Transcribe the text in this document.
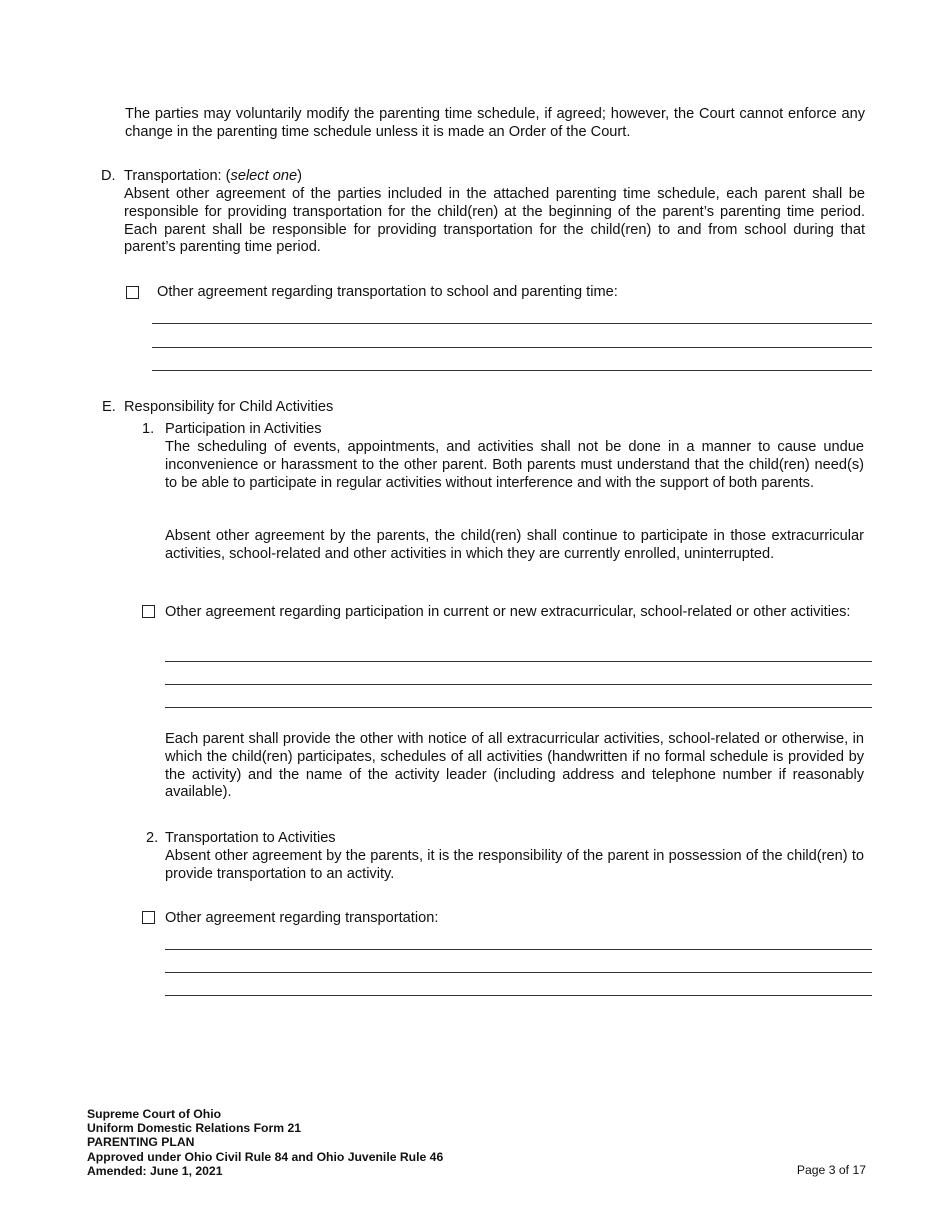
The parties may voluntarily modify the parenting time schedule, if agreed; however, the Court cannot enforce any change in the parenting time schedule unless it is made an Order of the Court.
D. Transportation: (select one)
Absent other agreement of the parties included in the attached parenting time schedule, each parent shall be responsible for providing transportation for the child(ren) at the beginning of the parent’s parenting time period. Each parent shall be responsible for providing transportation for the child(ren) to and from school during that parent’s parenting time period.
Other agreement regarding transportation to school and parenting time:
E. Responsibility for Child Activities
1. Participation in Activities
The scheduling of events, appointments, and activities shall not be done in a manner to cause undue inconvenience or harassment to the other parent. Both parents must understand that the child(ren) need(s) to be able to participate in regular activities without interference and with the support of both parents.
Absent other agreement by the parents, the child(ren) shall continue to participate in those extracurricular activities, school-related and other activities in which they are currently enrolled, uninterrupted.
Other agreement regarding participation in current or new extracurricular, school-related or other activities:
Each parent shall provide the other with notice of all extracurricular activities, school-related or otherwise, in which the child(ren) participates, schedules of all activities (handwritten if no formal schedule is provided by the activity) and the name of the activity leader (including address and telephone number if reasonably available).
2. Transportation to Activities
Absent other agreement by the parents, it is the responsibility of the parent in possession of the child(ren) to provide transportation to an activity.
Other agreement regarding transportation:
Supreme Court of Ohio
Uniform Domestic Relations Form 21
PARENTING PLAN
Approved under Ohio Civil Rule 84 and Ohio Juvenile Rule 46
Amended: June 1, 2021	Page 3 of 17
